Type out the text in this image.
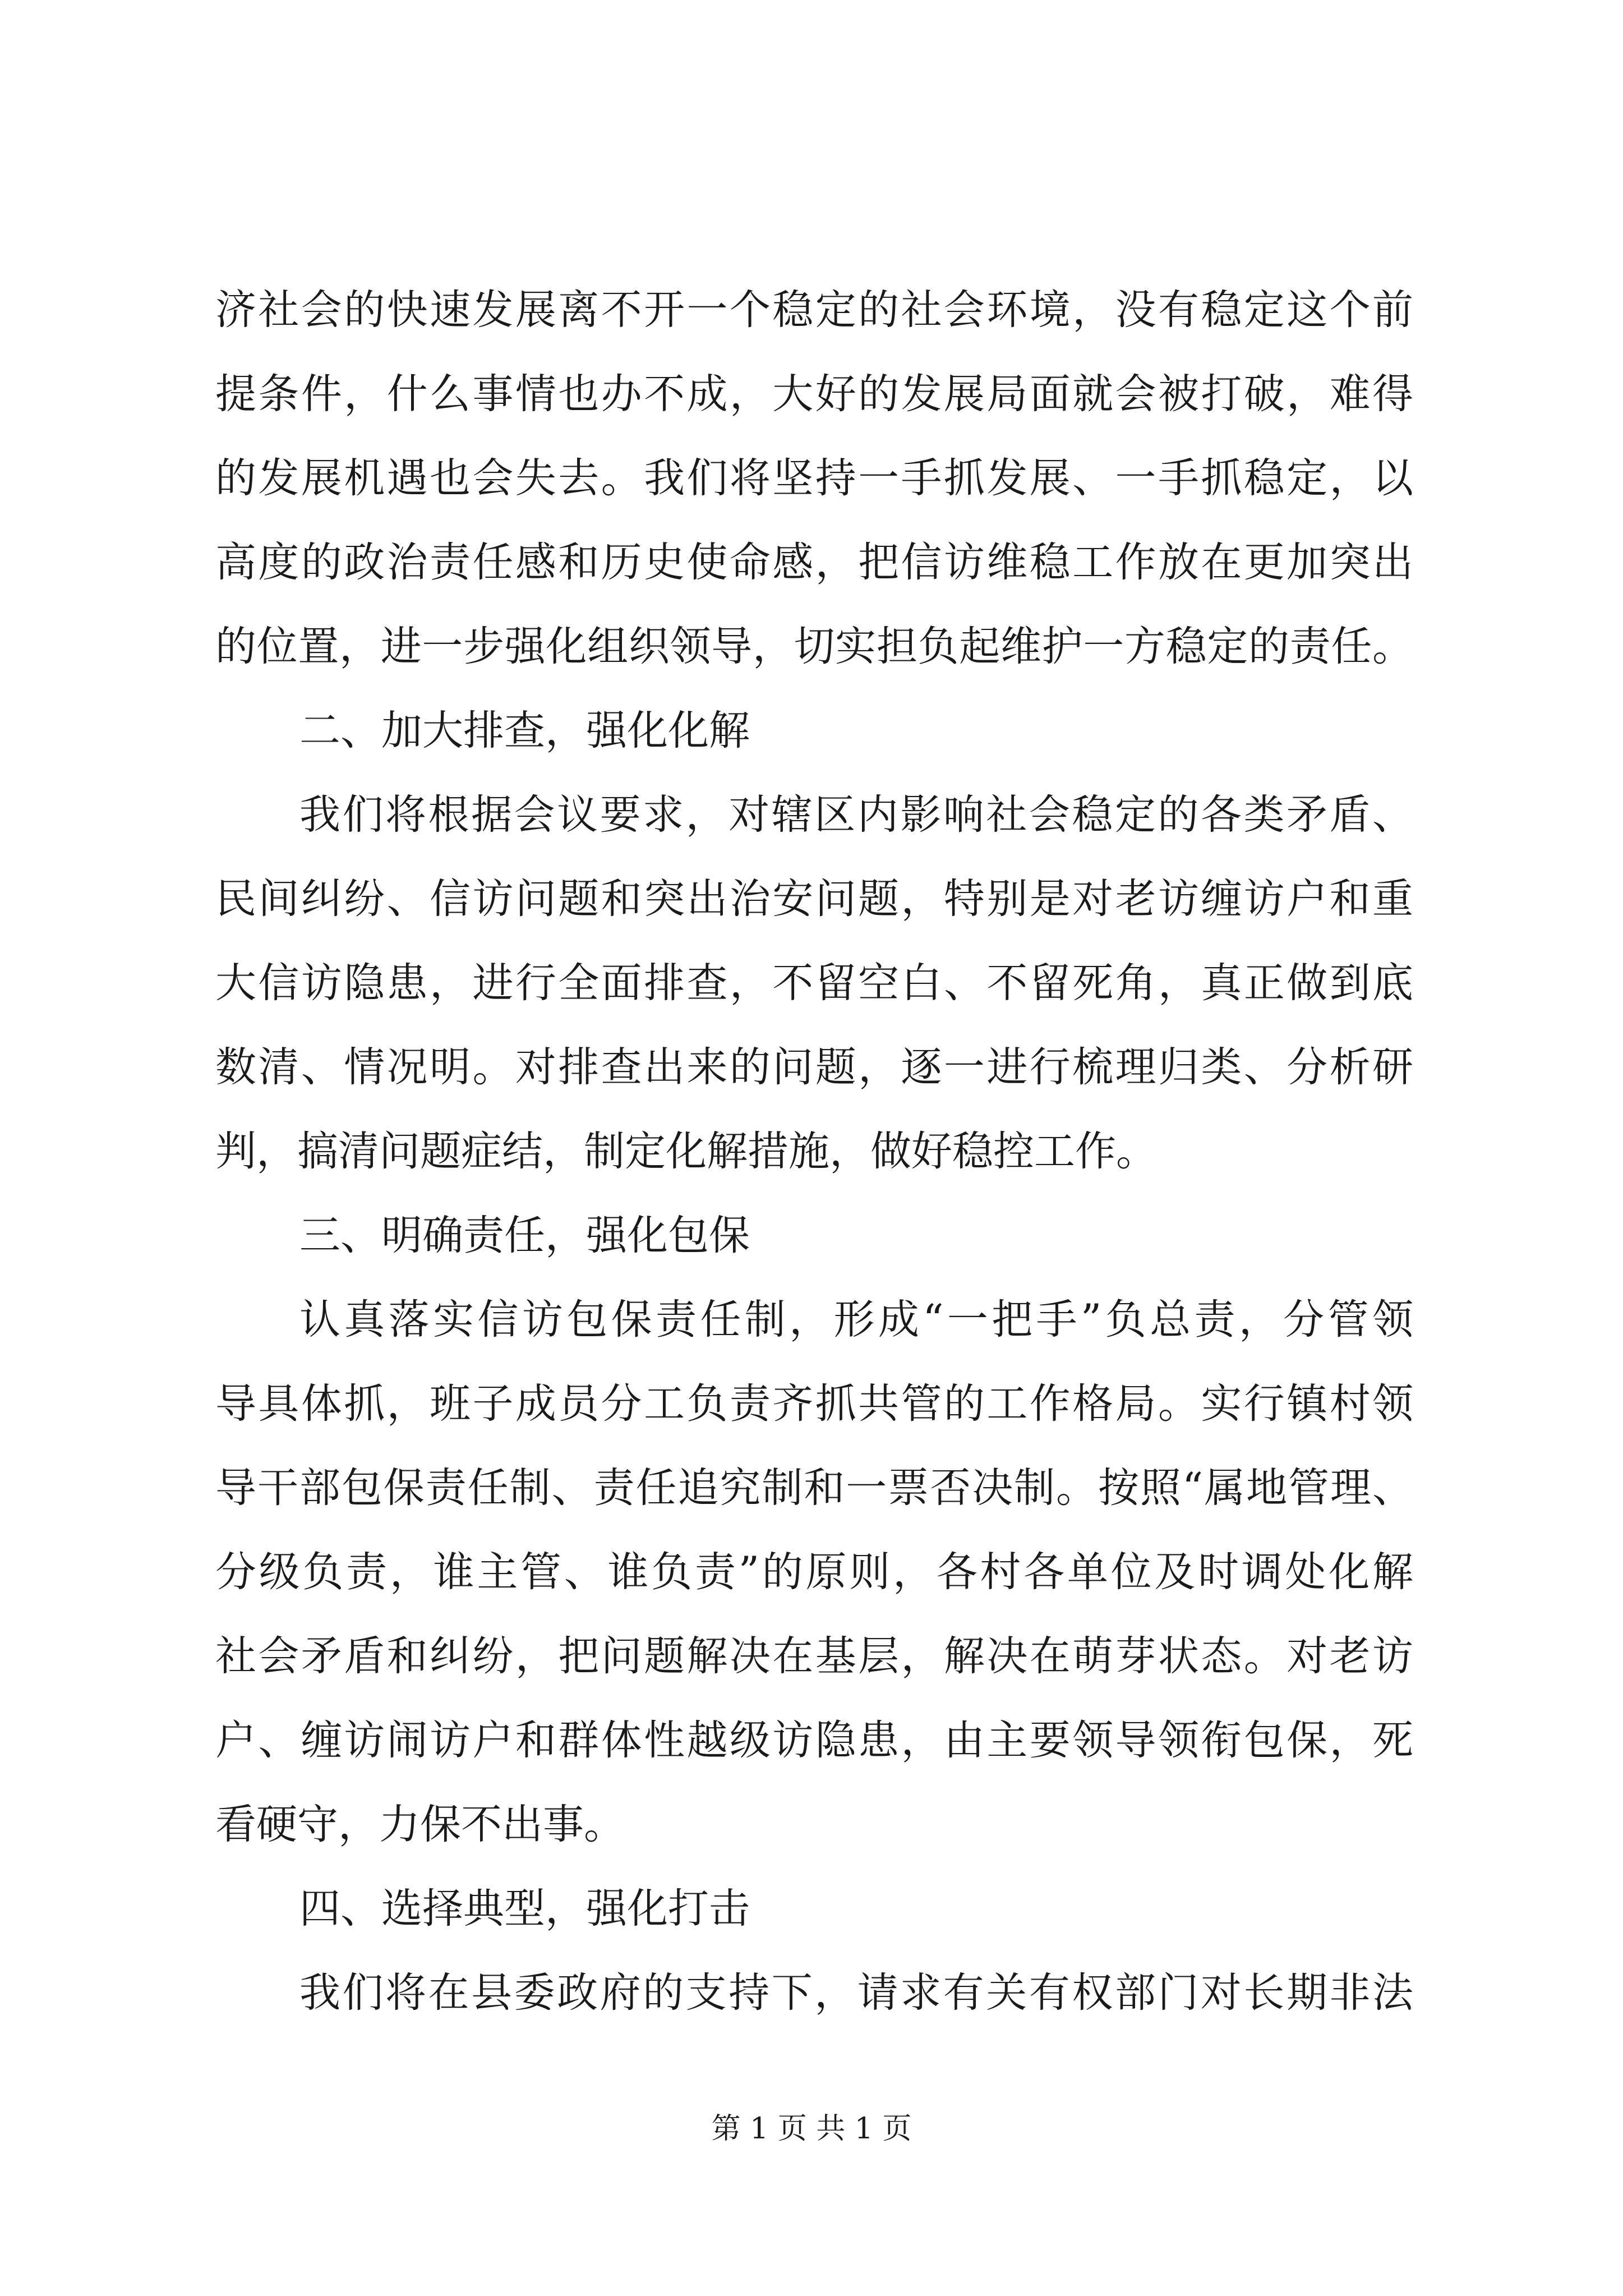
济社会的快速发展离不开一个稳定的社会环境，没有稳定这个前
提条件，什么事情也办不成，大好的发展局面就会被打破，难得
的发展机遇也会失去。我们将坚持一手抓发展、一手抓稳定，以
高度的政治责任感和历史使命感，把信访维稳工作放在更加突出
的位置，进一步强化组织领导，切实担负起维护一方稳定的责任。
二、加大排查，强化化解
我们将根据会议要求，对辖区内影响社会稳定的各类矛盾、
民间纠纷、信访问题和突出治安问题，特别是对老访缠访户和重
大信访隐患，进行全面排查，不留空白、不留死角，真正做到底
数清、情况明。对排查出来的问题，逐一进行梳理归类、分析研
判，搞清问题症结，制定化解措施，做好稳控工作。
三、明确责任，强化包保
认真落实信访包保责任制，形成“一把手”负总责，分管领
导具体抓，班子成员分工负责齐抓共管的工作格局。实行镇村领
导干部包保责任制、责任追究制和一票否决制。按照“属地管理、
分级负责，谁主管、谁负责”的原则，各村各单位及时调处化解
社会矛盾和纠纷，把问题解决在基层，解决在萌芽状态。对老访
户、缠访闹访户和群体性越级访隐患，由主要领导领衔包保，死
看硬守，力保不出事。
四、选择典型，强化打击
我们将在县委政府的支持下，请求有关有权部门对长期非法
第 1 页 共 1 页
